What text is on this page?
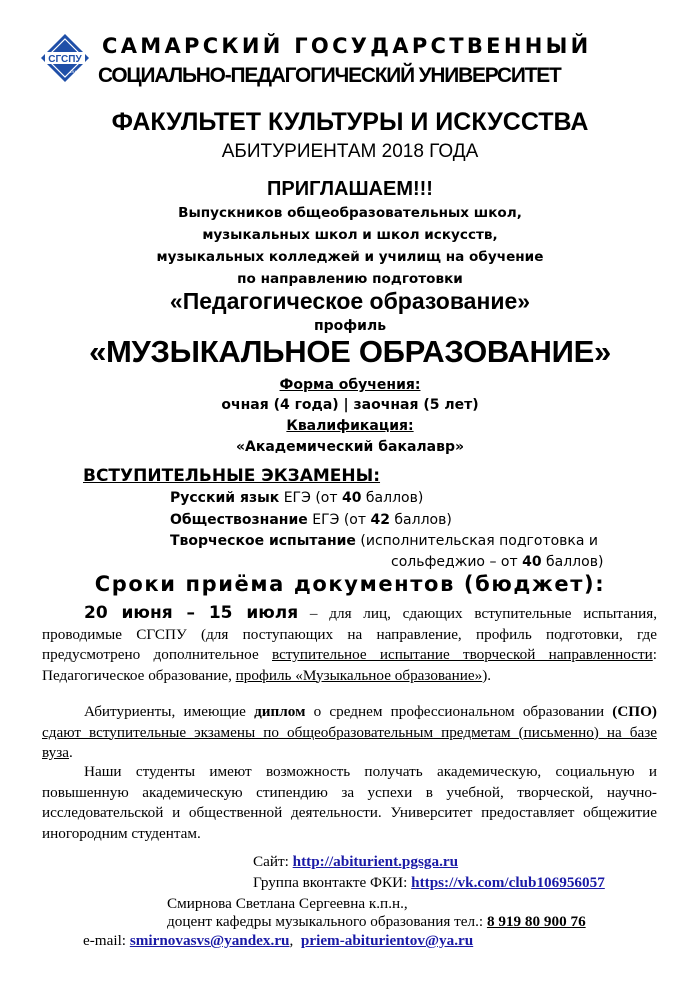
СГСПУ
1911
САМАРСКИЙ ГОСУДАРСТВЕННЫЙ
СОЦИАЛЬНО-ПЕДАГОГИЧЕСКИЙ УНИВЕРСИТЕТ
ФАКУЛЬТЕТ КУЛЬТУРЫ И ИСКУССТВА
АБИТУРИЕНТАМ 2018 ГОДА
ПРИГЛАШАЕМ!!!
Выпускников общеобразовательных школ,
музыкальных школ и школ искусств,
музыкальных колледжей и училищ на обучение
по направлению подготовки
«Педагогическое образование»
профиль
«МУЗЫКАЛЬНОЕ ОБРАЗОВАНИЕ»
Форма обучения:
очная (4 года) | заочная (5 лет)
Квалификация:
«Академический бакалавр»
ВСТУПИТЕЛЬНЫЕ ЭКЗАМЕНЫ:
Русский язык ЕГЭ (от 40 баллов)
Обществознание ЕГЭ (от 42 баллов)
Творческое испытание (исполнительская подготовка и
сольфеджио – от 40 баллов)
Сроки приёма документов (бюджет):
20 июня – 15 июля – для лиц, сдающих вступительные испытания, проводимые СГСПУ (для поступающих на направление, профиль подготовки, где предусмотрено дополнительное вступительное испытание творческой направленности: Педагогическое образование, профиль «Музыкальное образование»).
Абитуриенты, имеющие диплом о среднем профессиональном образовании (СПО) сдают вступительные экзамены по общеобразовательным предметам (письменно) на базе вуза.
Наши студенты имеют возможность получать академическую, социальную и повышенную академическую стипендию за успехи в учебной, творческой, научно-исследовательской и общественной деятельности. Университет предоставляет общежитие иногородним студентам.
Сайт: http://abiturient.pgsga.ru
Группа вконтакте ФКИ: https://vk.com/club106956057
Смирнова Светлана Сергеевна к.п.н.,
доцент кафедры музыкального образования тел.: 8 919 80 900 76
e-mail: smirnovasvs@yandex.ru,  priem-abiturientov@ya.ru
